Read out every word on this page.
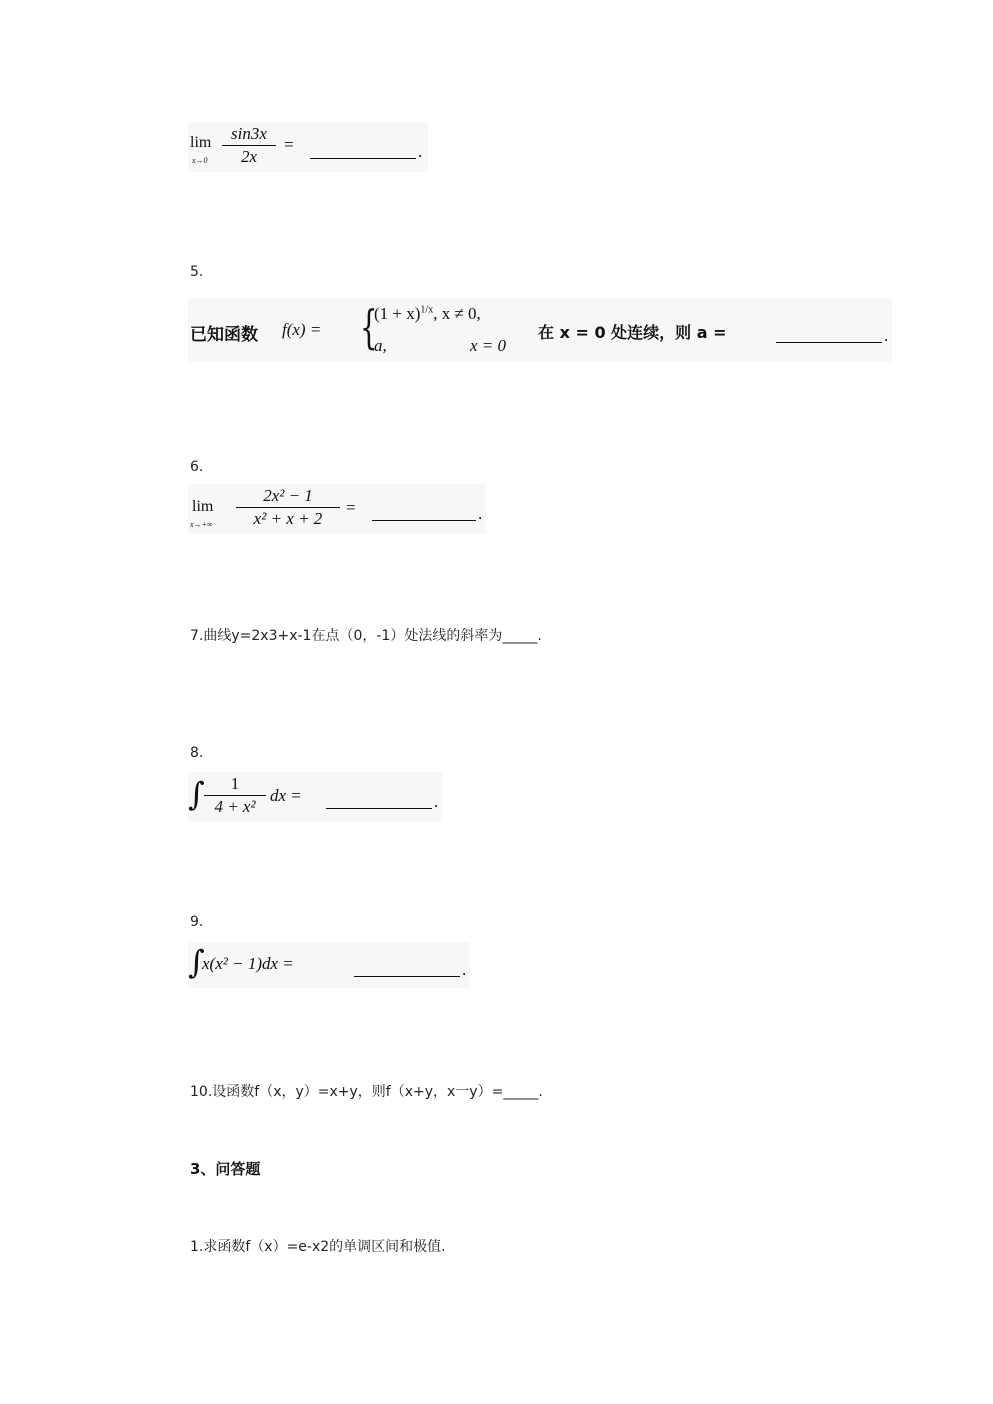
lim
x→0
sin3x
2x
=	.
5.
已知函数 f(x) = {
$(1 + x)^{1/x}$, x ≠ 0,
a,	x = 0
在 x = 0 处连续，则 a =	.
6.
lim
x→+∞
2x² − 1
x² + x + 2
=	.
7.曲线y=2x3+x-1在点（0，-1）处法线的斜率为_____.
8.
∫	1
4 + x²
dx =	.
9.
∫
x(x² − 1)dx =	.
10.设函数f（x，y）=x+y，则f（x+y，x一y）=_____.
3、问答题
1.求函数f（x）=e-x2的单调区间和极值.
